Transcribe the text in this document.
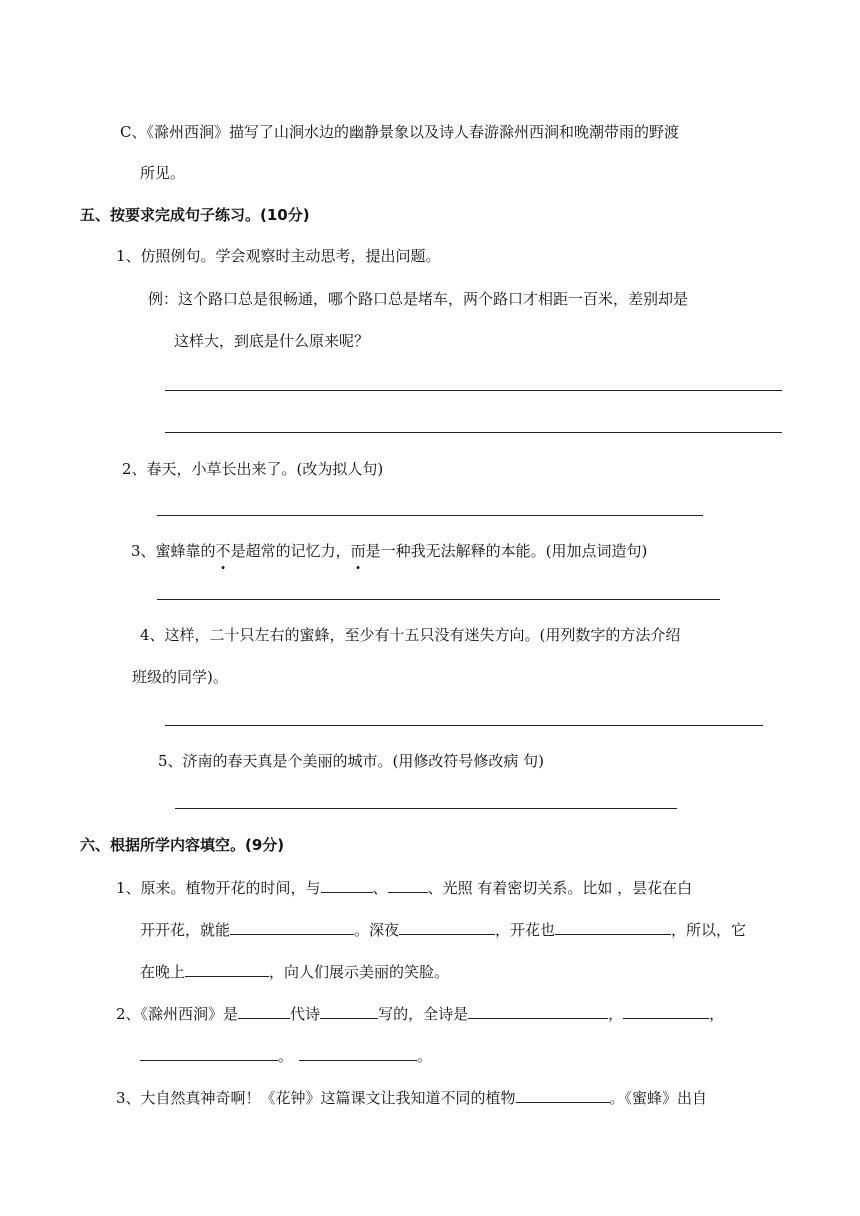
C、《滁州西涧》描写了山涧水边的幽静景象以及诗人春游滁州西涧和晚潮带雨的野渡
所见。
五、按要求完成句子练习。(10分)
1、仿照例句。学会观察时主动思考，提出问题。
例：这个路口总是很畅通，哪个路口总是堵车，两个路口才相距一百米，差别却是
这样大，到底是什么原来呢？
2、春天，小草长出来了。(改为拟人句)
3、蜜蜂靠的不是超常的记忆力，而是一种我无法解释的本能。(用加点词造句)
4、这样，二十只左右的蜜蜂，至少有十五只没有迷失方向。(用列数字的方法介绍
班级的同学)。
5、济南的春天真是个美丽的城市。(用修改符号修改病 句)
六、根据所学内容填空。(9分)
1、原来。植物开花的时间，与	、	、光照 有着密切关系。比如 ，昙花在白
开开花，就能	。深夜	，开花也	，所以，它
在晚上	，向人们展示美丽的笑脸。
2、《滁州西涧》是	代诗	写的，全诗是	，	，
。	。
3、大自然真神奇啊！《花钟》这篇课文让我知道不同的植物	。《蜜蜂》出自
